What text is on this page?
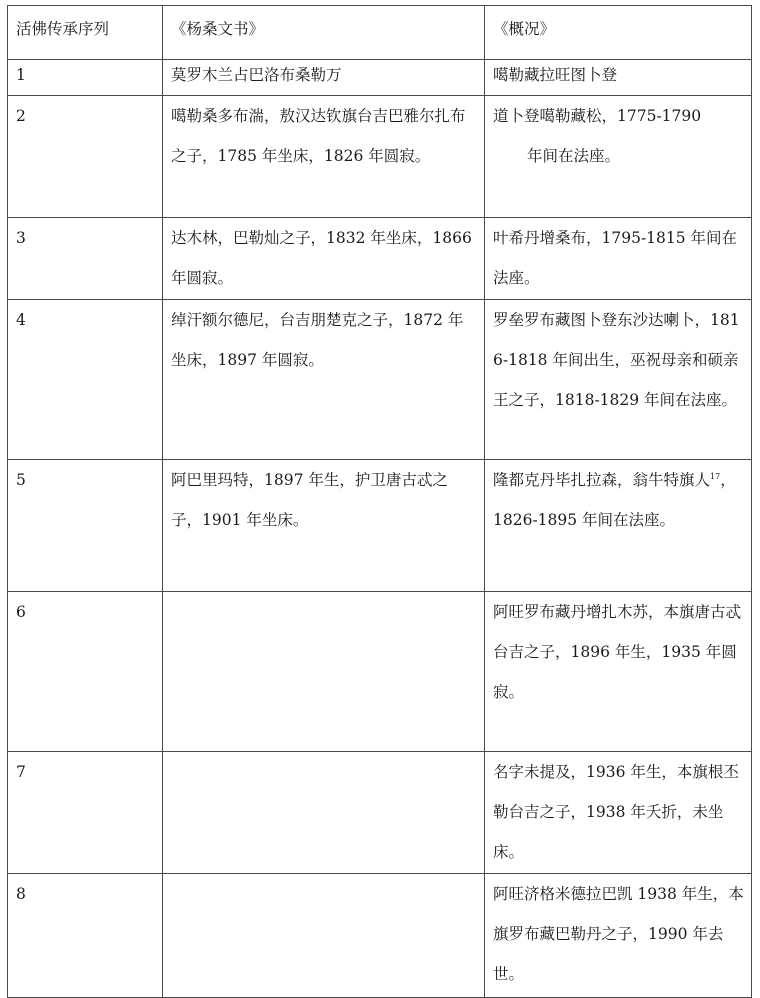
活佛传承序列	《杨桑文书》	《概况》
1	莫罗木兰占巴洛布桑勒万	噶勒藏拉旺图卜登
2	噶勒桑多布湍，敖汉达钦旗台吉巴雅尔扎布之子，1785 年坐床，1826 年圆寂。	道卜登噶勒藏松，1775-1790
年间在法座。
3	达木林，巴勒灿之子，1832 年坐床，1866 年圆寂。	叶希丹增桑布，1795-1815 年间在法座。
4	绰汗额尔德尼，台吉朋楚克之子，1872 年坐床，1897 年圆寂。	罗垒罗布藏图卜登东沙达喇卜，1816-1818 年间出生，巫祝母亲和硕亲王之子，1818-1829 年间在法座。
5	阿巴里玛特，1897 年生，护卫唐古忒之子，1901 年坐床。	隆都克丹毕扎拉森，翁牛特旗人$^{17}$，1826-1895 年间在法座。
6		阿旺罗布藏丹增扎木苏，本旗唐古忒台吉之子，1896 年生，1935 年圆寂。
7		名字未提及，1936 年生，本旗根丕勒台吉之子，1938 年夭折，未坐床。
8		阿旺济格米德拉巴凯 1938 年生，本旗罗布藏巴勒丹之子，1990 年去世。
